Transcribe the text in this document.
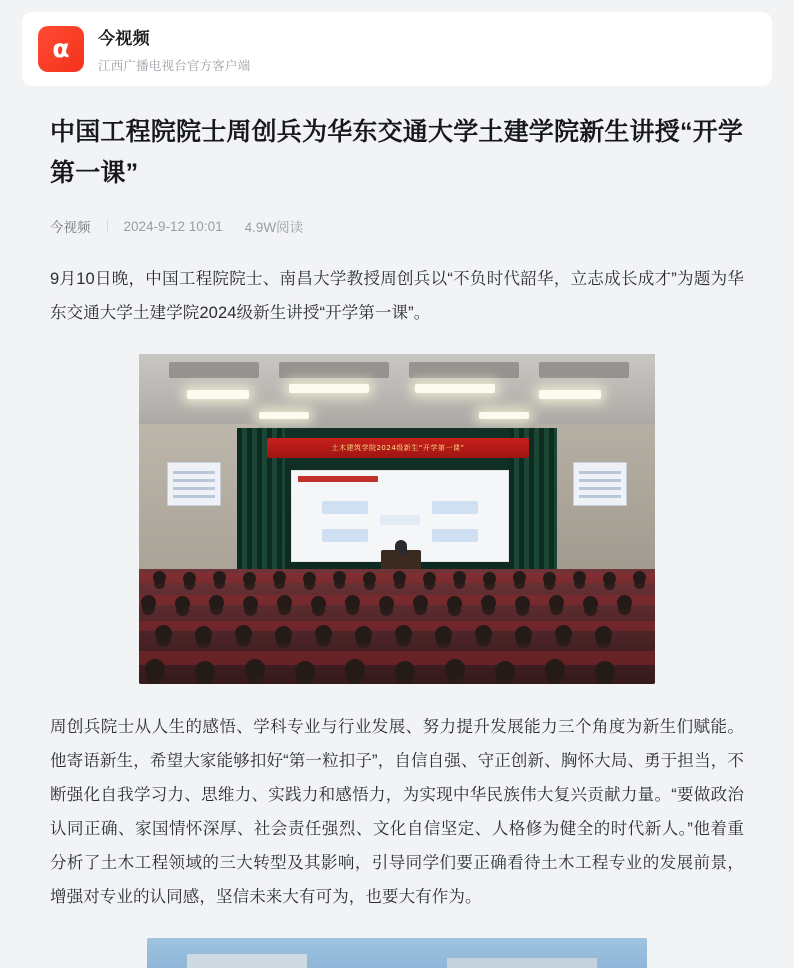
α 今视频
江西广播电视台官方客户端
中国工程院院士周创兵为华东交通大学土建学院新生讲授“开学第一课”
今视频 2024-9-12 10:01 4.9W阅读

9月10日晚，中国工程院院士、南昌大学教授周创兵以“不负时代韶华，立志成长成才”为题为华东交通大学土建学院2024级新生讲授“开学第一课”。

土木建筑学院2024级新生“开学第一课”

周创兵院士从人生的感悟、学科专业与行业发展、努力提升发展能力三个角度为新生们赋能。他寄语新生，希望大家能够扣好“第一粒扣子”，自信自强、守正创新、胸怀大局、勇于担当，不断强化自我学习力、思维力、实践力和感悟力，为实现中华民族伟大复兴贡献力量。“要做政治认同正确、家国情怀深厚、社会责任强烈、文化自信坚定、人格修为健全的时代新人。”他着重分析了土木工程领域的三大转型及其影响，引导同学们要正确看待土木工程专业的发展前景，增强对专业的认同感，坚信未来大有可为，也要大有作为。
